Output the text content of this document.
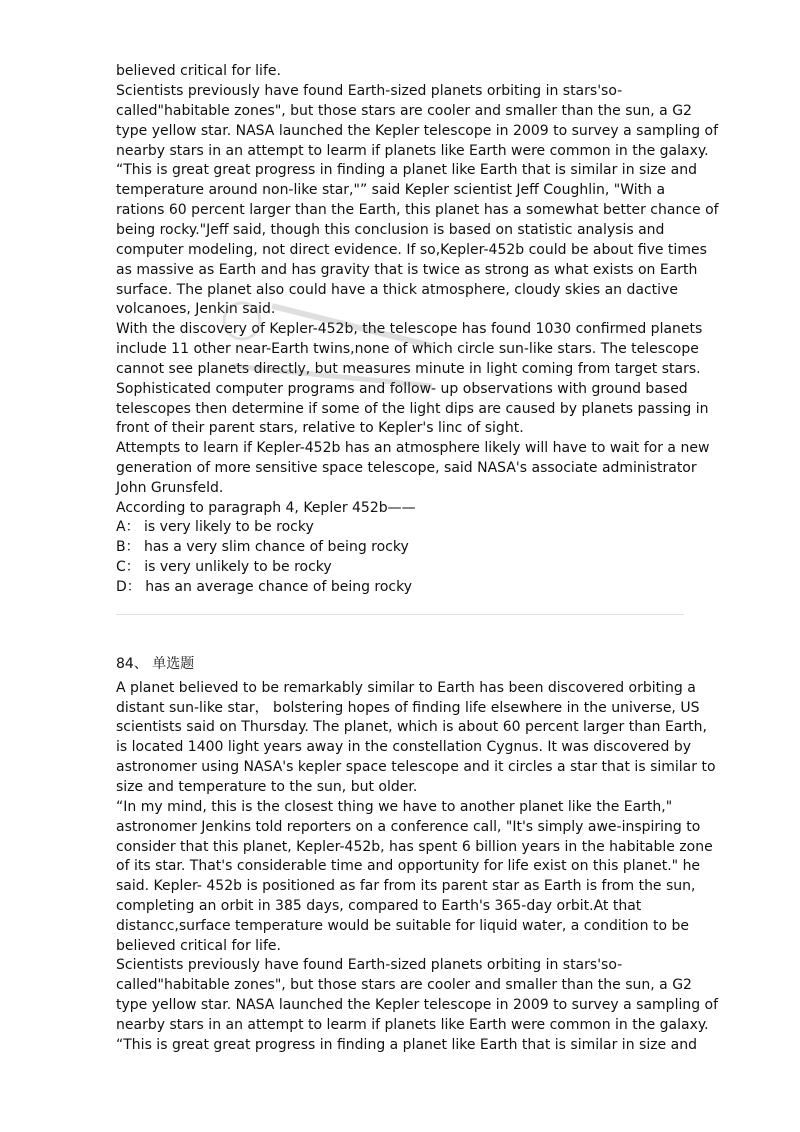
believed critical for life.
Scientists previously have found Earth-sized planets orbiting in stars'so-
called"habitable zones", but those stars are cooler and smaller than the sun, a G2
type yellow star. NASA launched the Kepler telescope in 2009 to survey a sampling of
nearby stars in an attempt to learm if planets like Earth were common in the galaxy.
“This is great great progress in finding a planet like Earth that is similar in size and
temperature around non-like star,"” said Kepler scientist Jeff Coughlin, "With a
rations 60 percent larger than the Earth, this planet has a somewhat better chance of
being rocky."Jeff said, though this conclusion is based on statistic analysis and
computer modeling, not direct evidence. If so,Kepler-452b could be about five times
as massive as Earth and has gravity that is twice as strong as what exists on Earth
surface. The planet also could have a thick atmosphere, cloudy skies an dactive
volcanoes, Jenkin said.
With the discovery of Kepler-452b, the telescope has found 1030 confirmed planets
include 11 other near-Earth twins,none of which circle sun-like stars. The telescope
cannot see planets directly, but measures minute in light coming from target stars.
Sophisticated computer programs and follow- up observations with ground based
telescopes then determine if some of the light dips are caused by planets passing in
front of their parent stars, relative to Kepler's linc of sight.
Attempts to learn if Kepler-452b has an atmosphere likely will have to wait for a new
generation of more sensitive space telescope, said NASA's associate administrator
John Grunsfeld.
According to paragraph 4, Kepler 452b——
A： is very likely to be rocky
B： has a very slim chance of being rocky
C： is very unlikely to be rocky
D： has an average chance of being rocky
84、 单选题
A planet believed to be remarkably similar to Earth has been discovered orbiting a
distant sun-like star， bolstering hopes of finding life elsewhere in the universe, US
scientists said on Thursday. The planet, which is about 60 percent larger than Earth,
is located 1400 light years away in the constellation Cygnus. It was discovered by
astronomer using NASA's kepler space telescope and it circles a star that is similar to
size and temperature to the sun, but older.
“In my mind, this is the closest thing we have to another planet like the Earth,"
astronomer Jenkins told reporters on a conference call, "It's simply awe-inspiring to
consider that this planet, Kepler-452b, has spent 6 billion years in the habitable zone
of its star. That's considerable time and opportunity for life exist on this planet." he
said. Kepler- 452b is positioned as far from its parent star as Earth is from the sun,
completing an orbit in 385 days, compared to Earth's 365-day orbit.At that
distancc,surface temperature would be suitable for liquid water, a condition to be
believed critical for life.
Scientists previously have found Earth-sized planets orbiting in stars'so-
called"habitable zones", but those stars are cooler and smaller than the sun, a G2
type yellow star. NASA launched the Kepler telescope in 2009 to survey a sampling of
nearby stars in an attempt to learm if planets like Earth were common in the galaxy.
“This is great great progress in finding a planet like Earth that is similar in size and
